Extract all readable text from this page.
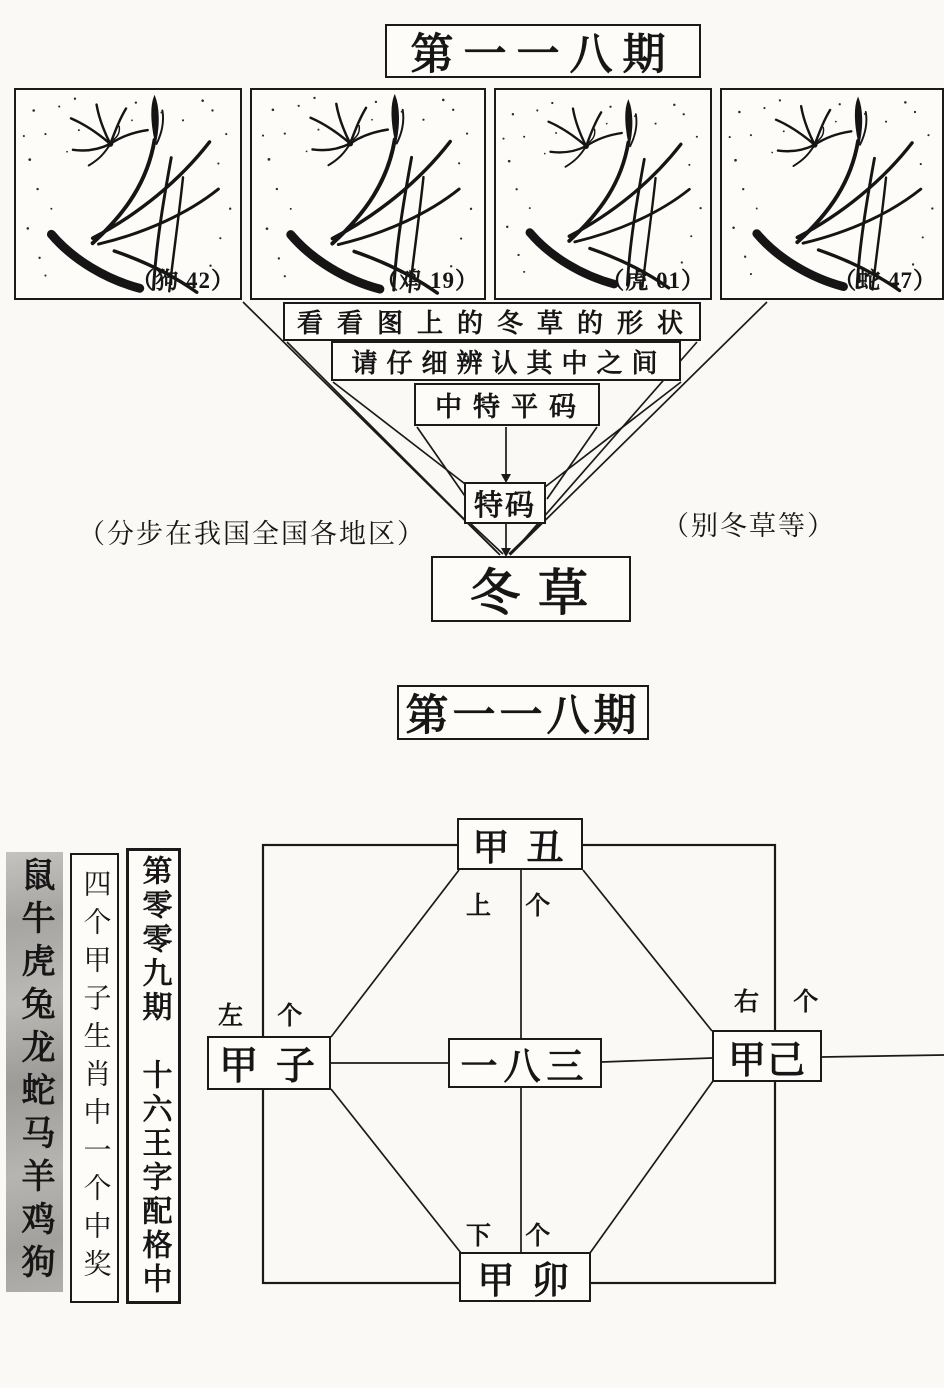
第一一八期
（狗 42）	（鸡 19）	（虎 01）	（蛇 47）
看看图上的冬草的形状
请仔细辨认其中之间
中特平码
特码
冬草
（分步在我国全国各地区）	（别冬草等）
第一一八期
鼠牛虎兔龙蛇马羊鸡狗 四个甲子生肖中一个中奖 第零零九期　十六王字配格中
甲 丑
甲 子	一八三	甲己
甲 卯
上 个
左 个
右 个
下 个
